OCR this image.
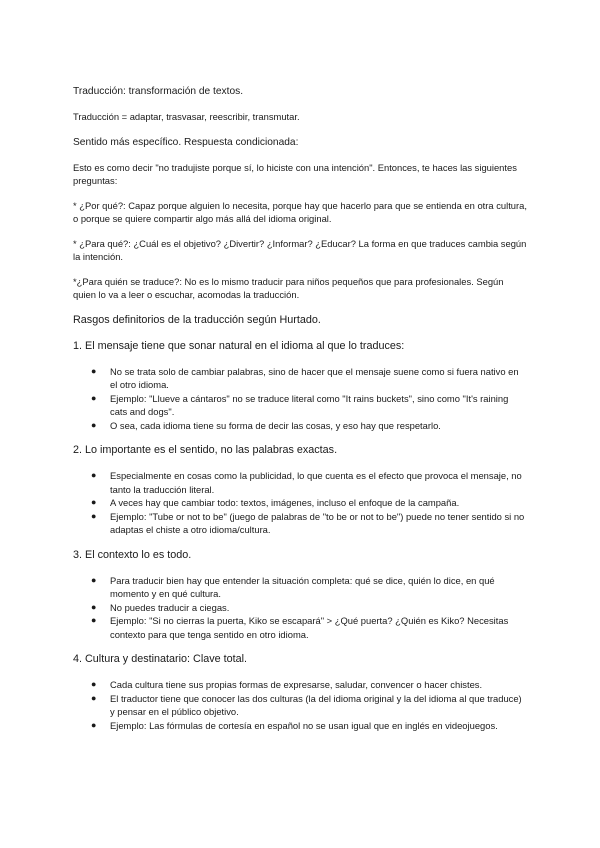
Traducción: transformación de textos.

Traducción = adaptar, trasvasar, reescribir, transmutar.

Sentido más específico. Respuesta condicionada:

Esto es como decir "no tradujiste porque sí, lo hiciste con una intención". Entonces, te haces las siguientes preguntas:

* ¿Por qué?: Capaz porque alguien lo necesita, porque hay que hacerlo para que se entienda en otra cultura, o porque se quiere compartir algo más allá del idioma original.

* ¿Para qué?: ¿Cuál es el objetivo? ¿Divertir? ¿Informar? ¿Educar? La forma en que traduces cambia según la intención.

*¿Para quién se traduce?: No es lo mismo traducir para niños pequeños que para profesionales. Según quien lo va a leer o escuchar, acomodas la traducción.

Rasgos definitorios de la traducción según Hurtado.

1. El mensaje tiene que sonar natural en el idioma al que lo traduces:

● No se trata solo de cambiar palabras, sino de hacer que el mensaje suene como si fuera nativo en el otro idioma.
● Ejemplo: "Llueve a cántaros" no se traduce literal como "It rains buckets", sino como "It's raining cats and dogs".
● O sea, cada idioma tiene su forma de decir las cosas, y eso hay que respetarlo.

2. Lo importante es el sentido, no las palabras exactas.

● Especialmente en cosas como la publicidad, lo que cuenta es el efecto que provoca el mensaje, no tanto la traducción literal.
● A veces hay que cambiar todo: textos, imágenes, incluso el enfoque de la campaña.
● Ejemplo: "Tube or not to be" (juego de palabras de "to be or not to be") puede no tener sentido si no adaptas el chiste a otro idioma/cultura.

3. El contexto lo es todo.

● Para traducir bien hay que entender la situación completa: qué se dice, quién lo dice, en qué momento y en qué cultura.
● No puedes traducir a ciegas.
● Ejemplo: "Si no cierras la puerta, Kiko se escapará" > ¿Qué puerta? ¿Quién es Kiko? Necesitas contexto para que tenga sentido en otro idioma.

4. Cultura y destinatario: Clave total.

● Cada cultura tiene sus propias formas de expresarse, saludar, convencer o hacer chistes.
● El traductor tiene que conocer las dos culturas (la del idioma original y la del idioma al que traduce) y pensar en el público objetivo.
● Ejemplo: Las fórmulas de cortesía en español no se usan igual que en inglés en videojuegos.
